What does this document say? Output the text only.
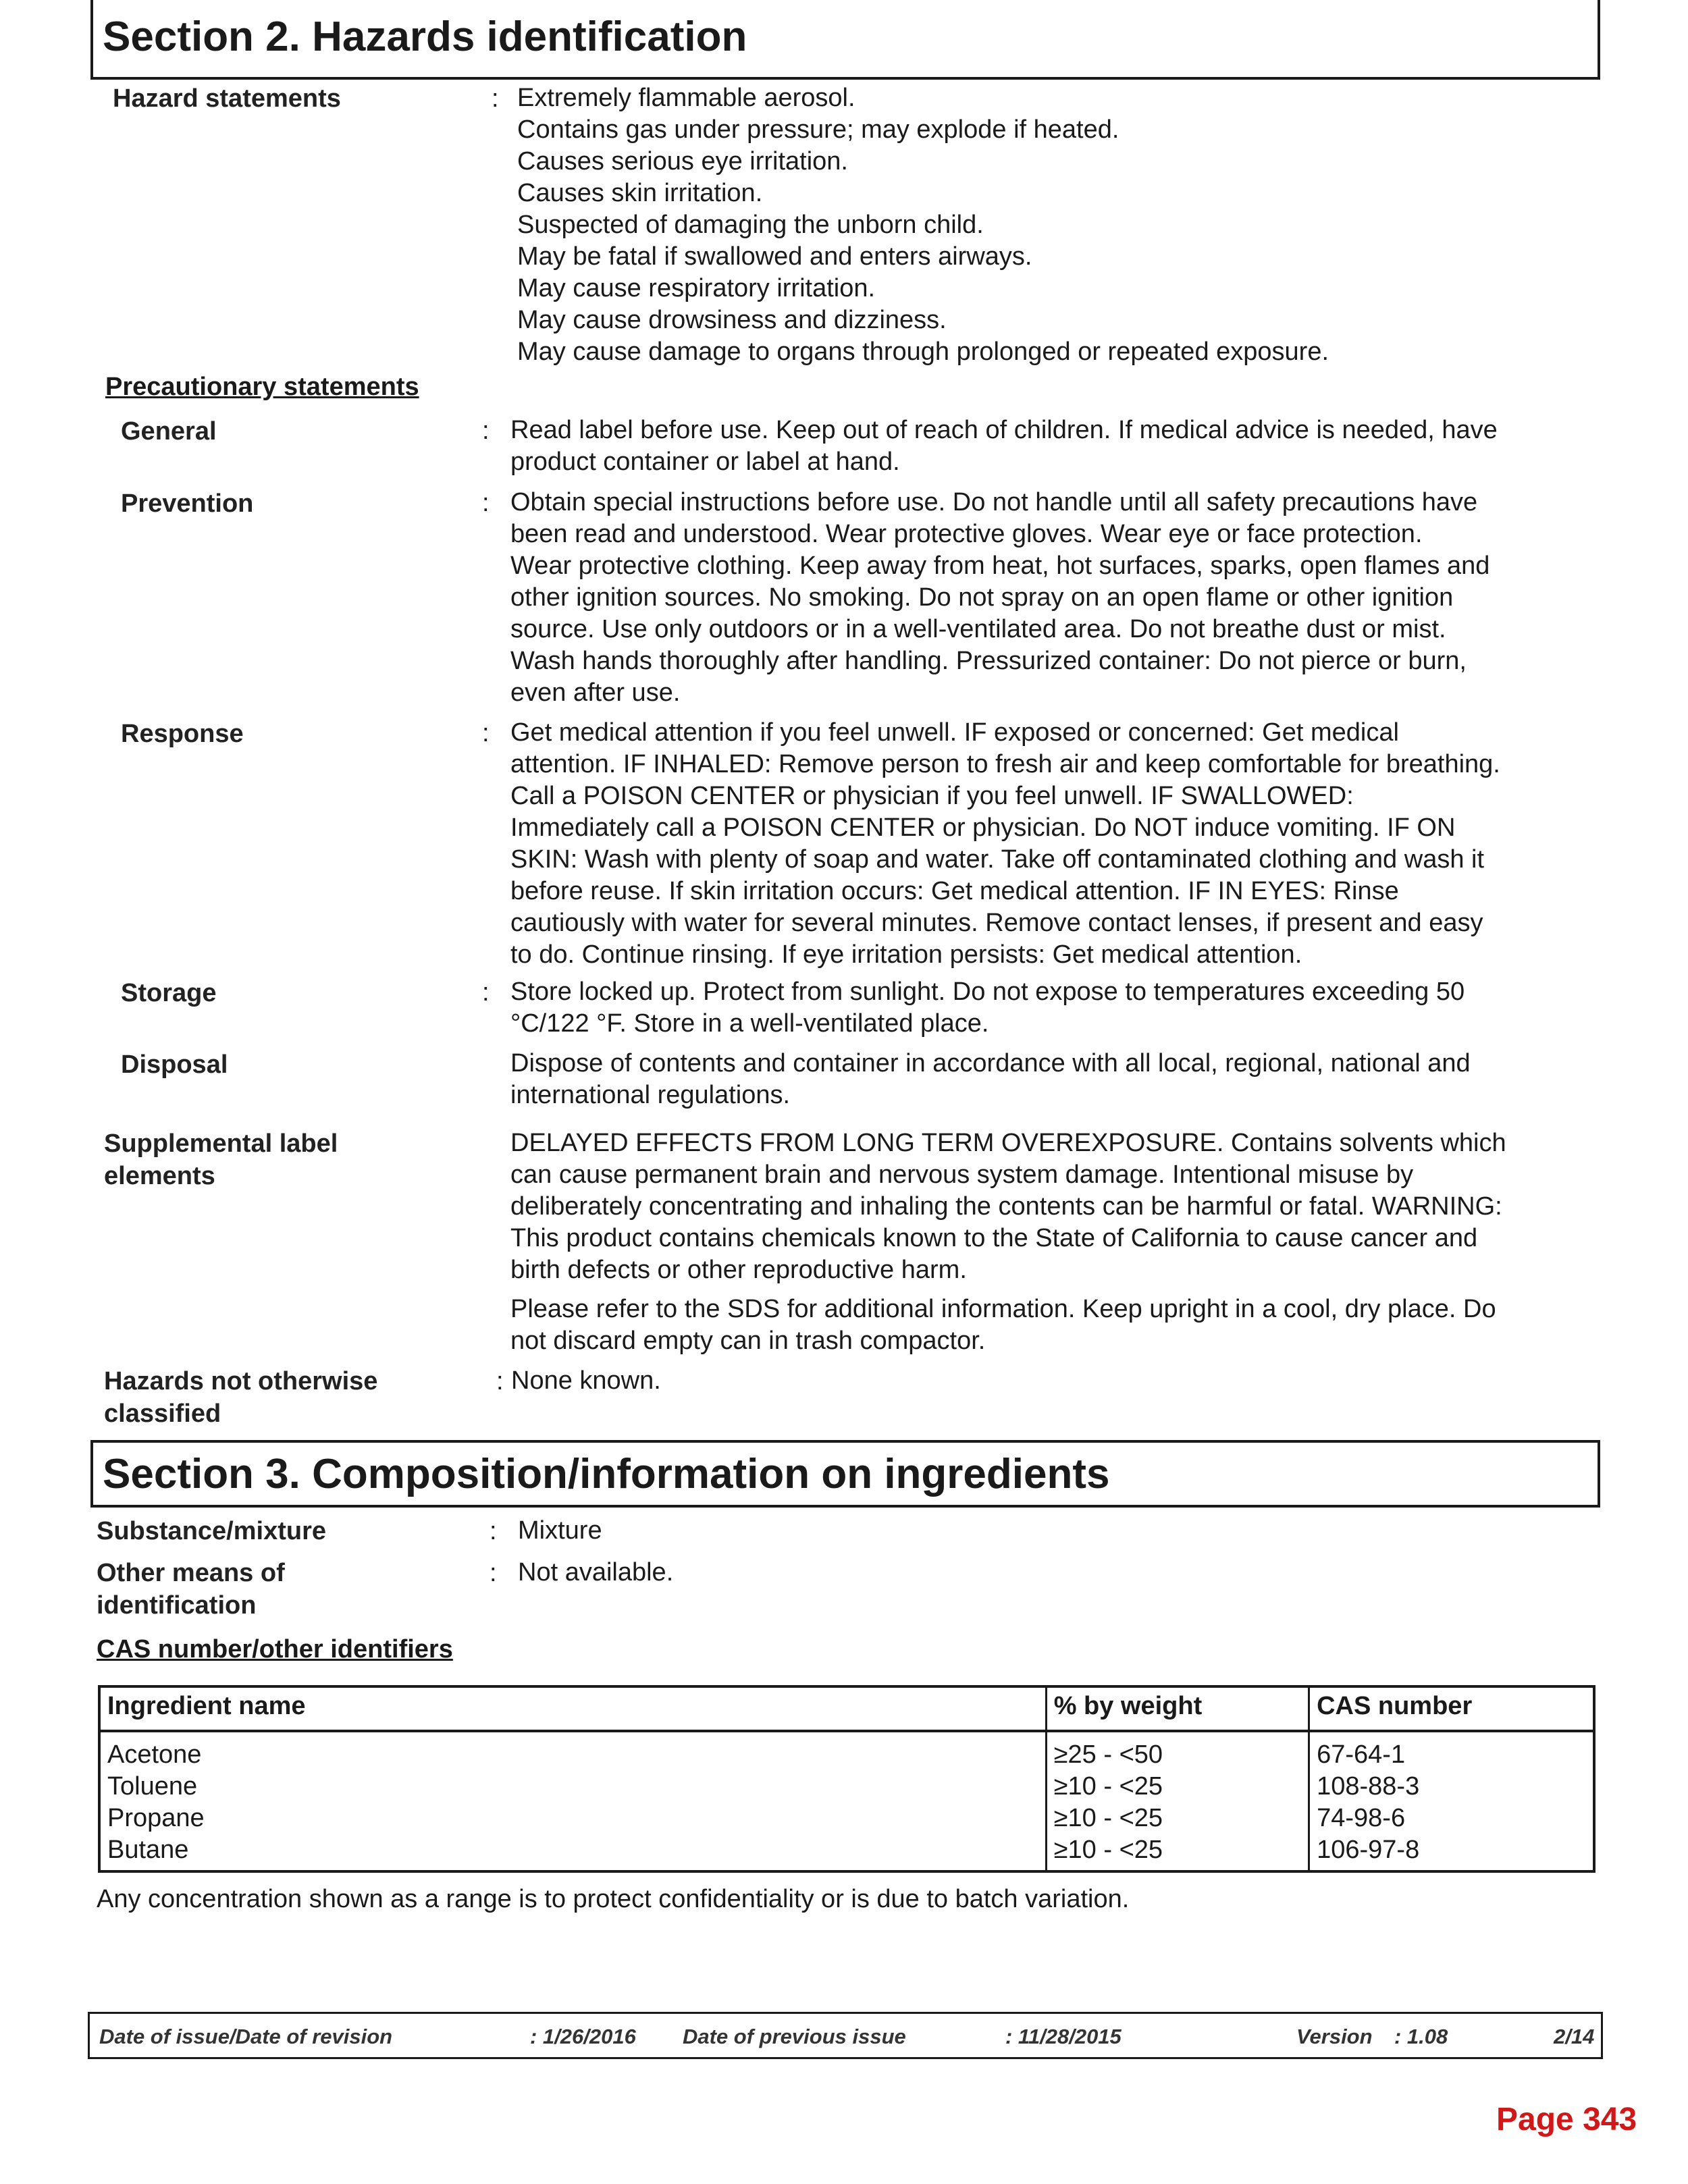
Section 2. Hazards identification
Hazard statements	: Extremely flammable aerosol.
Contains gas under pressure; may explode if heated.
Causes serious eye irritation.
Causes skin irritation.
Suspected of damaging the unborn child.
May be fatal if swallowed and enters airways.
May cause respiratory irritation.
May cause drowsiness and dizziness.
May cause damage to organs through prolonged or repeated exposure.
Precautionary statements
General	: Read label before use. Keep out of reach of children. If medical advice is needed, have
product container or label at hand.
Prevention	: Obtain special instructions before use. Do not handle until all safety precautions have
been read and understood. Wear protective gloves. Wear eye or face protection.
Wear protective clothing. Keep away from heat, hot surfaces, sparks, open flames and
other ignition sources. No smoking. Do not spray on an open flame or other ignition
source. Use only outdoors or in a well-ventilated area. Do not breathe dust or mist.
Wash hands thoroughly after handling. Pressurized container: Do not pierce or burn,
even after use.
Response	: Get medical attention if you feel unwell. IF exposed or concerned: Get medical
attention. IF INHALED: Remove person to fresh air and keep comfortable for breathing.
Call a POISON CENTER or physician if you feel unwell. IF SWALLOWED:
Immediately call a POISON CENTER or physician. Do NOT induce vomiting. IF ON
SKIN: Wash with plenty of soap and water. Take off contaminated clothing and wash it
before reuse. If skin irritation occurs: Get medical attention. IF IN EYES: Rinse
cautiously with water for several minutes. Remove contact lenses, if present and easy
to do. Continue rinsing. If eye irritation persists: Get medical attention.
Storage	: Store locked up. Protect from sunlight. Do not expose to temperatures exceeding 50
°C/122 °F. Store in a well-ventilated place.
Disposal	Dispose of contents and container in accordance with all local, regional, national and
international regulations.
Supplemental label
elements
DELAYED EFFECTS FROM LONG TERM OVEREXPOSURE. Contains solvents which
can cause permanent brain and nervous system damage. Intentional misuse by
deliberately concentrating and inhaling the contents can be harmful or fatal. WARNING:
This product contains chemicals known to the State of California to cause cancer and
birth defects or other reproductive harm.
Please refer to the SDS for additional information. Keep upright in a cool, dry place. Do
not discard empty can in trash compactor.
Hazards not otherwise
classified
: None known.
Section 3. Composition/information on ingredients
Substance/mixture	: Mixture
Other means of
identification
: Not available.
CAS number/other identifiers
Ingredient name	% by weight	CAS number
Acetone	≥25 - <50	67-64-1
Toluene	≥10 - <25	108-88-3
Propane	≥10 - <25	74-98-6
Butane	≥10 - <25	106-97-8
Any concentration shown as a range is to protect confidentiality or is due to batch variation.
Date of issue/Date of revision	: 1/26/2016 Date of previous issue	: 11/28/2015	Version : 1.08	2/14
Page 343
